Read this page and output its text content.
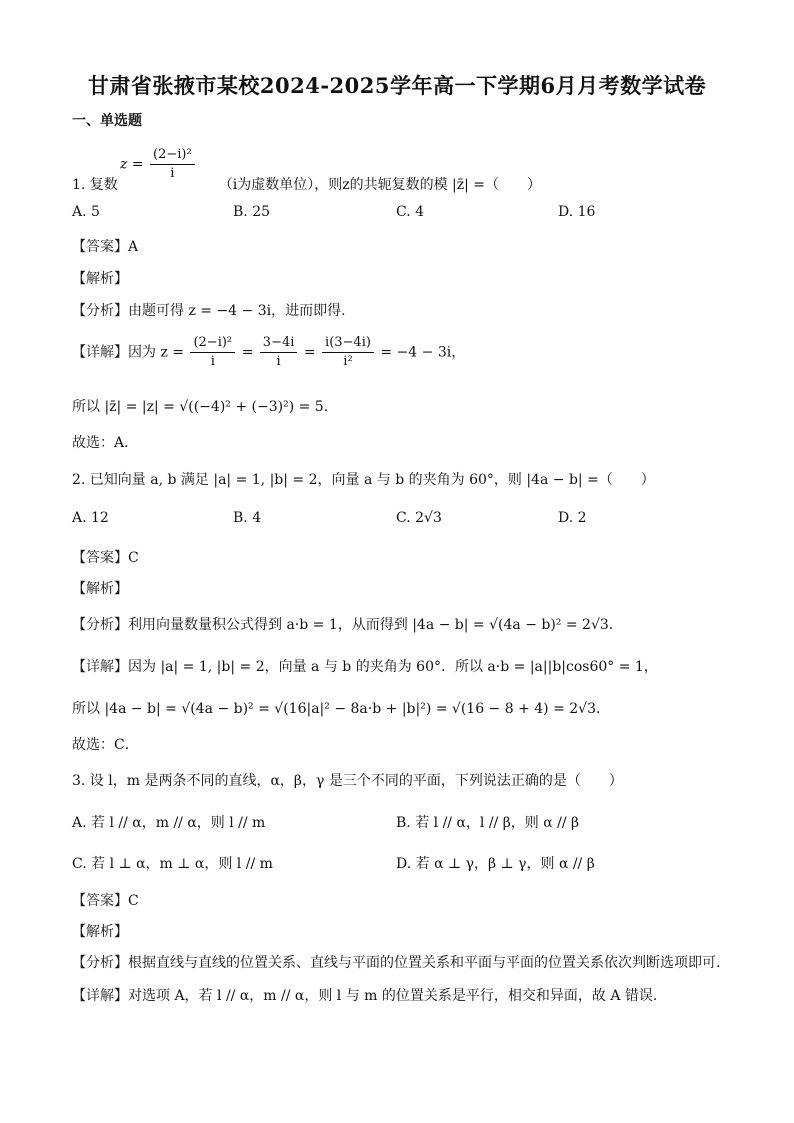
甘肃省张掖市某校2024-2025学年高一下学期6月月考数学试卷
一、单选题
$z = \frac{\text{(2−i)²}}{i}$
1. 复数	（i为虚数单位），则z的共轭复数的模 |z̄| =（　　）
A. 5	B. 25	C. 4	D. 16
【答案】A
【解析】
【分析】由题可得 z = −4 − 3i，进而即得.
【详解】因为 $z = \frac{\text{(2−i)²}}{i} = \frac{3-4i}{i} = \frac{i(3-4i)}{\text{i²}} = -4 - 3i$，
所以 |z̄| = |z| = √((−4)² + (−3)²) = 5.
故选：A．
2. 已知向量 a, b 满足 |a| = 1, |b| = 2，向量 a 与 b 的夹角为 60°，则 |4a − b| =（　　）
A. 12	B. 4	C. 2√3	D. 2
【答案】C
【解析】
【分析】利用向量数量积公式得到 a·b = 1，从而得到 |4a − b| = √(4a − b)² = 2√3.
【详解】因为 |a| = 1, |b| = 2，向量 a 与 b 的夹角为 60°．所以 a·b = |a||b|cos60° = 1，
所以 |4a − b| = √(4a − b)² = √(16|a|² − 8a·b + |b|²) = √(16 − 8 + 4) = 2√3．
故选：C．
3. 设 l，m 是两条不同的直线，α，β，γ 是三个不同的平面，下列说法正确的是（　　）
A. 若 l // α，m // α，则 l // m	B. 若 l // α，l // β，则 α // β
C. 若 l ⊥ α，m ⊥ α，则 l // m	D. 若 α ⊥ γ，β ⊥ γ，则 α // β
【答案】C
【解析】
【分析】根据直线与直线的位置关系、直线与平面的位置关系和平面与平面的位置关系依次判断选项即可.
【详解】对选项 A，若 l // α，m // α，则 l 与 m 的位置关系是平行，相交和异面，故 A 错误.
